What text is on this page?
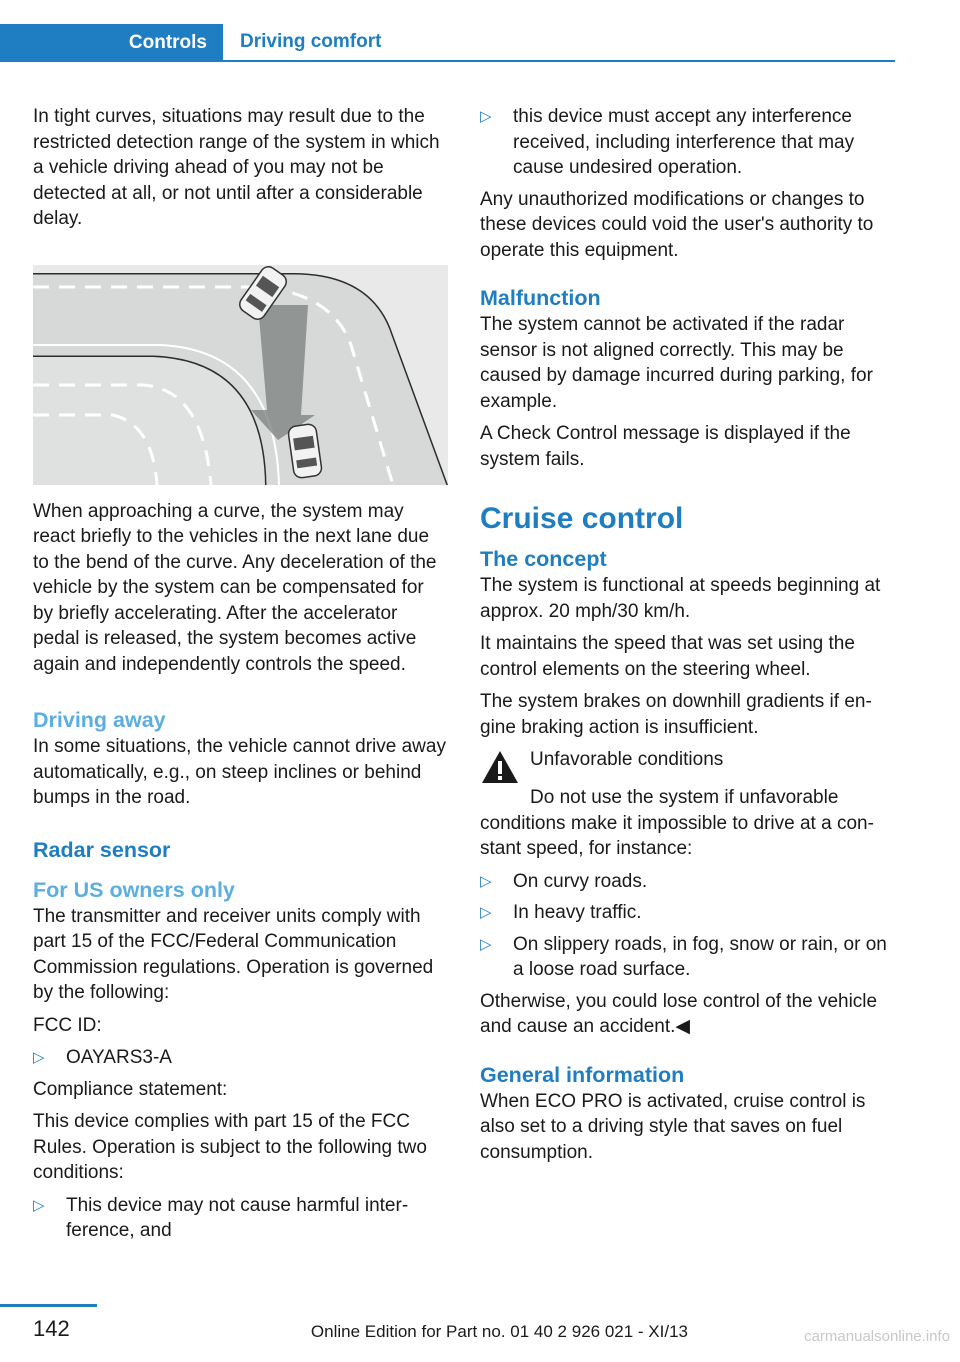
Controls	Driving comfort

In tight curves, situations may result due to the restricted detection range of the system in which a vehicle driving ahead of you may not be detected at all, or not until after a considerable delay.

When approaching a curve, the system may react briefly to the vehicles in the next lane due to the bend of the curve. Any deceleration of the vehicle by the system can be compensated for by briefly accelerating. After the accelerator pedal is released, the system becomes active again and independently controls the speed.

Driving away

In some situations, the vehicle cannot drive away automatically, e.g., on steep inclines or behind bumps in the road.

Radar sensor
For US owners only

The transmitter and receiver units comply with part 15 of the FCC/Federal Communication Commission regulations. Operation is governed by the following:

FCC ID:

▷	OAYARS3-A

Compliance statement:

This device complies with part 15 of the FCC Rules. Operation is subject to the following two conditions:

▷	This device may not cause harmful interference, and
▷	this device must accept any interference received, including interference that may cause undesired operation.

Any unauthorized modifications or changes to these devices could void the user's authority to operate this equipment.

Malfunction

The system cannot be activated if the radar sensor is not aligned correctly. This may be caused by damage incurred during parking, for example.

A Check Control message is displayed if the system fails.

Cruise control
The concept

The system is functional at speeds beginning at approx. 20 mph/30 km/h.

It maintains the speed that was set using the control elements on the steering wheel.

The system brakes on downhill gradients if engine braking action is insufficient.

Unfavorable conditions

Do not use the system if unfavorable conditions make it impossible to drive at a constant speed, for instance:

▷	On curvy roads.
▷	In heavy traffic.
▷	On slippery roads, in fog, snow or rain, or on a loose road surface.

Otherwise, you could lose control of the vehicle and cause an accident.◀

General information

When ECO PRO is activated, cruise control is also set to a driving style that saves on fuel consumption.

142	Online Edition for Part no. 01 40 2 926 021 - XI/13	carmanualsonline.info
